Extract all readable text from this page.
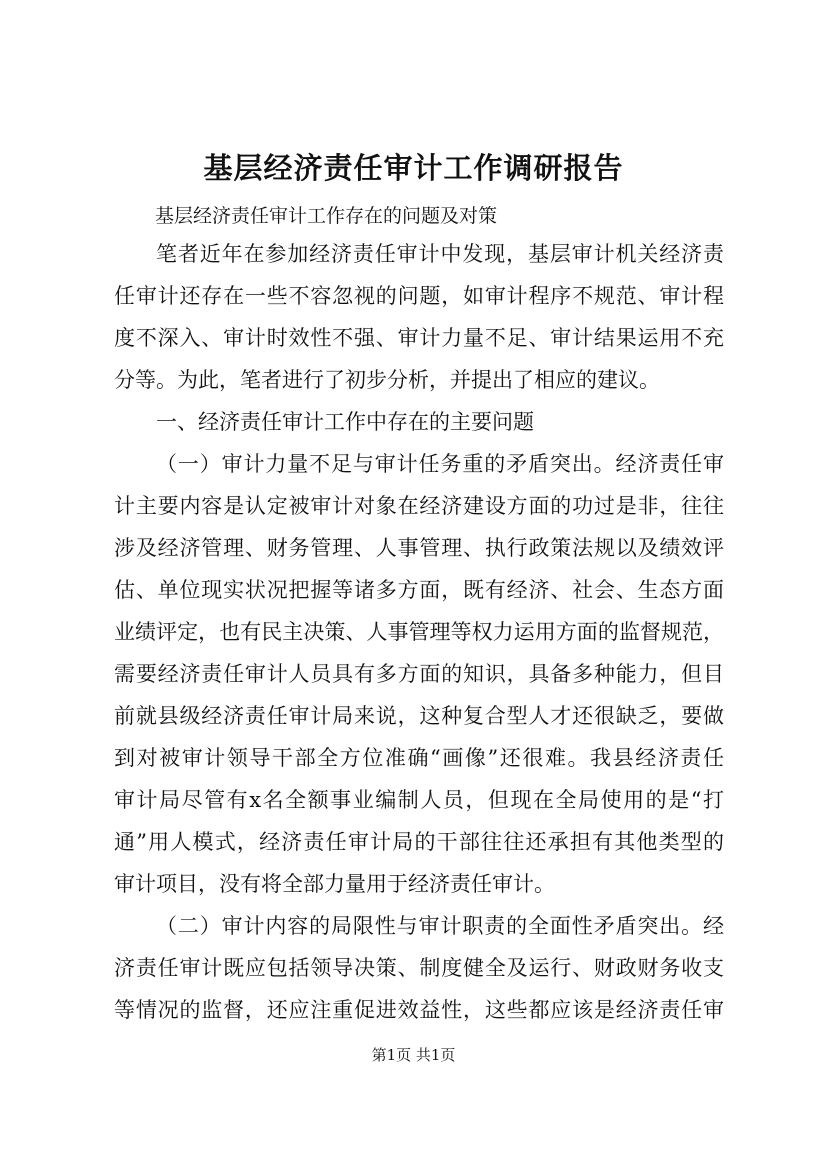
基层经济责任审计工作调研报告

基层经济责任审计工作存在的问题及对策

笔者近年在参加经济责任审计中发现，基层审计机关经济责

任审计还存在一些不容忽视的问题，如审计程序不规范、审计程

度不深入、审计时效性不强、审计力量不足、审计结果运用不充

分等。为此，笔者进行了初步分析，并提出了相应的建议。

一、经济责任审计工作中存在的主要问题

（一）审计力量不足与审计任务重的矛盾突出。经济责任审

计主要内容是认定被审计对象在经济建设方面的功过是非，往往

涉及经济管理、财务管理、人事管理、执行政策法规以及绩效评

估、单位现实状况把握等诸多方面，既有经济、社会、生态方面

业绩评定，也有民主决策、人事管理等权力运用方面的监督规范，

需要经济责任审计人员具有多方面的知识，具备多种能力，但目

前就县级经济责任审计局来说，这种复合型人才还很缺乏，要做

到对被审计领导干部全方位准确“画像”还很难。我县经济责任

审计局尽管有x名全额事业编制人员，但现在全局使用的是“打

通”用人模式，经济责任审计局的干部往往还承担有其他类型的

审计项目，没有将全部力量用于经济责任审计。

（二）审计内容的局限性与审计职责的全面性矛盾突出。经

济责任审计既应包括领导决策、制度健全及运行、财政财务收支

等情况的监督，还应注重促进效益性，这些都应该是经济责任审

第1页 共1页
